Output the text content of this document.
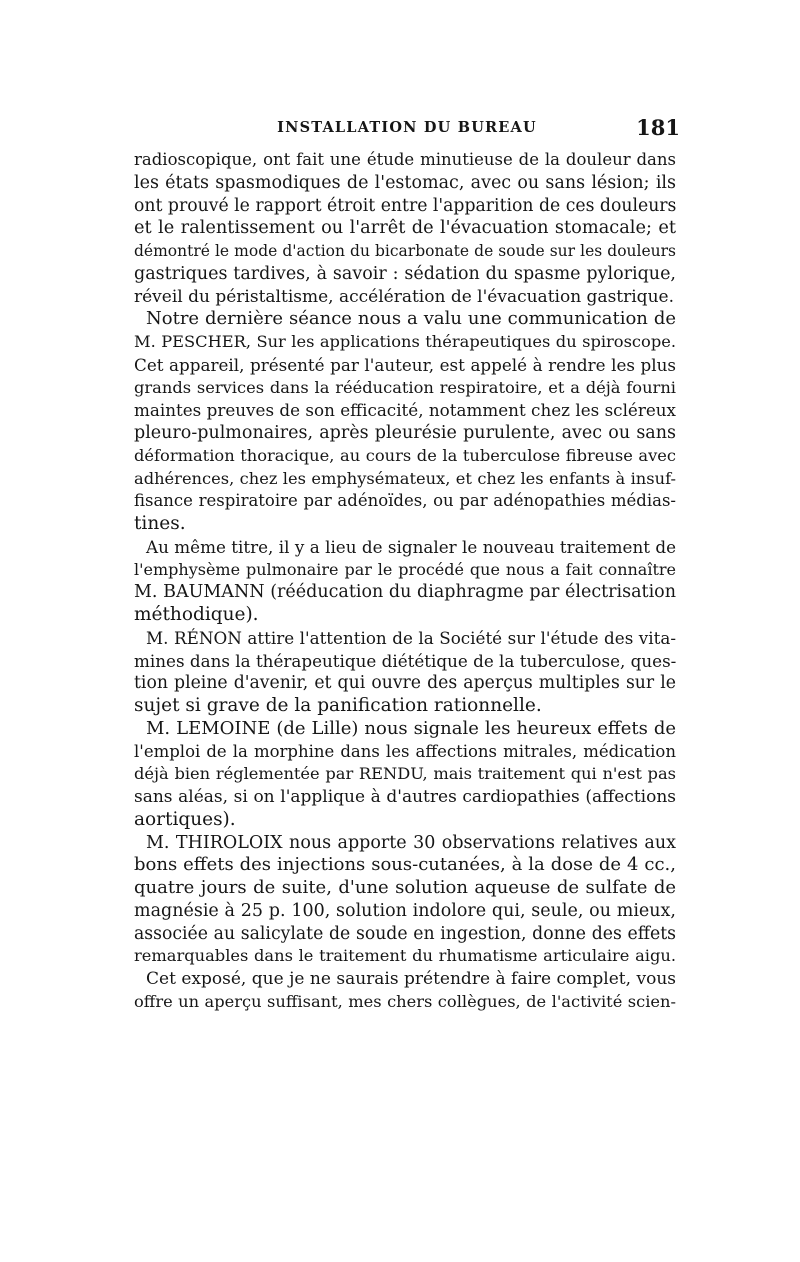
INSTALLATION DU BUREAU	181
radioscopique, ont fait une étude minutieuse de la douleur dans
les états spasmodiques de l'estomac, avec ou sans lésion; ils
ont prouvé le rapport étroit entre l'apparition de ces douleurs
et le ralentissement ou l'arrêt de l'évacuation stomacale; et
démontré le mode d'action du bicarbonate de soude sur les douleurs
gastriques tardives, à savoir : sédation du spasme pylorique,
réveil du péristaltisme, accélération de l'évacuation gastrique.
Notre dernière séance nous a valu une communication de
M. PESCHER, Sur les applications thérapeutiques du spiroscope.
Cet appareil, présenté par l'auteur, est appelé à rendre les plus
grands services dans la rééducation respiratoire, et a déjà fourni
maintes preuves de son efficacité, notamment chez les scléreux
pleuro-pulmonaires, après pleurésie purulente, avec ou sans
déformation thoracique, au cours de la tuberculose fibreuse avec
adhérences, chez les emphysémateux, et chez les enfants à insuf-
fisance respiratoire par adénoïdes, ou par adénopathies médias-
tines.
Au même titre, il y a lieu de signaler le nouveau traitement de
l'emphysème pulmonaire par le procédé que nous a fait connaître
M. BAUMANN (rééducation du diaphragme par électrisation
méthodique).
M. RÉNON attire l'attention de la Société sur l'étude des vita-
mines dans la thérapeutique diététique de la tuberculose, ques-
tion pleine d'avenir, et qui ouvre des aperçus multiples sur le
sujet si grave de la panification rationnelle.
M. LEMOINE (de Lille) nous signale les heureux effets de
l'emploi de la morphine dans les affections mitrales, médication
déjà bien réglementée par RENDU, mais traitement qui n'est pas
sans aléas, si on l'applique à d'autres cardiopathies (affections
aortiques).
M. THIROLOIX nous apporte 30 observations relatives aux
bons effets des injections sous-cutanées, à la dose de 4 cc.,
quatre jours de suite, d'une solution aqueuse de sulfate de
magnésie à 25 p. 100, solution indolore qui, seule, ou mieux,
associée au salicylate de soude en ingestion, donne des effets
remarquables dans le traitement du rhumatisme articulaire aigu.
Cet exposé, que je ne saurais prétendre à faire complet, vous
offre un aperçu suffisant, mes chers collègues, de l'activité scien-
